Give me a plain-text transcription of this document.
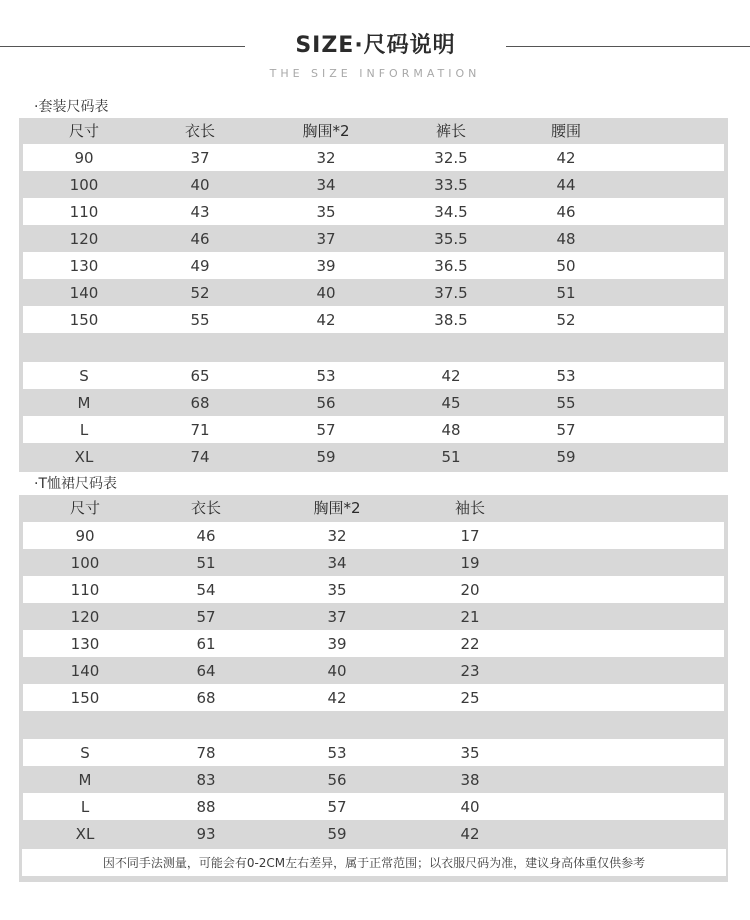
SIZE·尺码说明
THE SIZE INFORMATION
·套装尺码表
尺寸	衣长	胸围*2	裤长	腰围
90	37	32	32.5	42
100	40	34	33.5	44
110	43	35	34.5	46
120	46	37	35.5	48
130	49	39	36.5	50
140	52	40	37.5	51
150	55	42	38.5	52
S	65	53	42	53
M	68	56	45	55
L	71	57	48	57
XL	74	59	51	59
·T恤裙尺码表
尺寸	衣长	胸围*2	袖长
90	46	32	17
100	51	34	19
110	54	35	20
120	57	37	21
130	61	39	22
140	64	40	23
150	68	42	25
S	78	53	35
M	83	56	38
L	88	57	40
XL	93	59	42
因不同手法测量，可能会有0-2CM左右差异，属于正常范围；以衣服尺码为准，建议身高体重仅供参考
